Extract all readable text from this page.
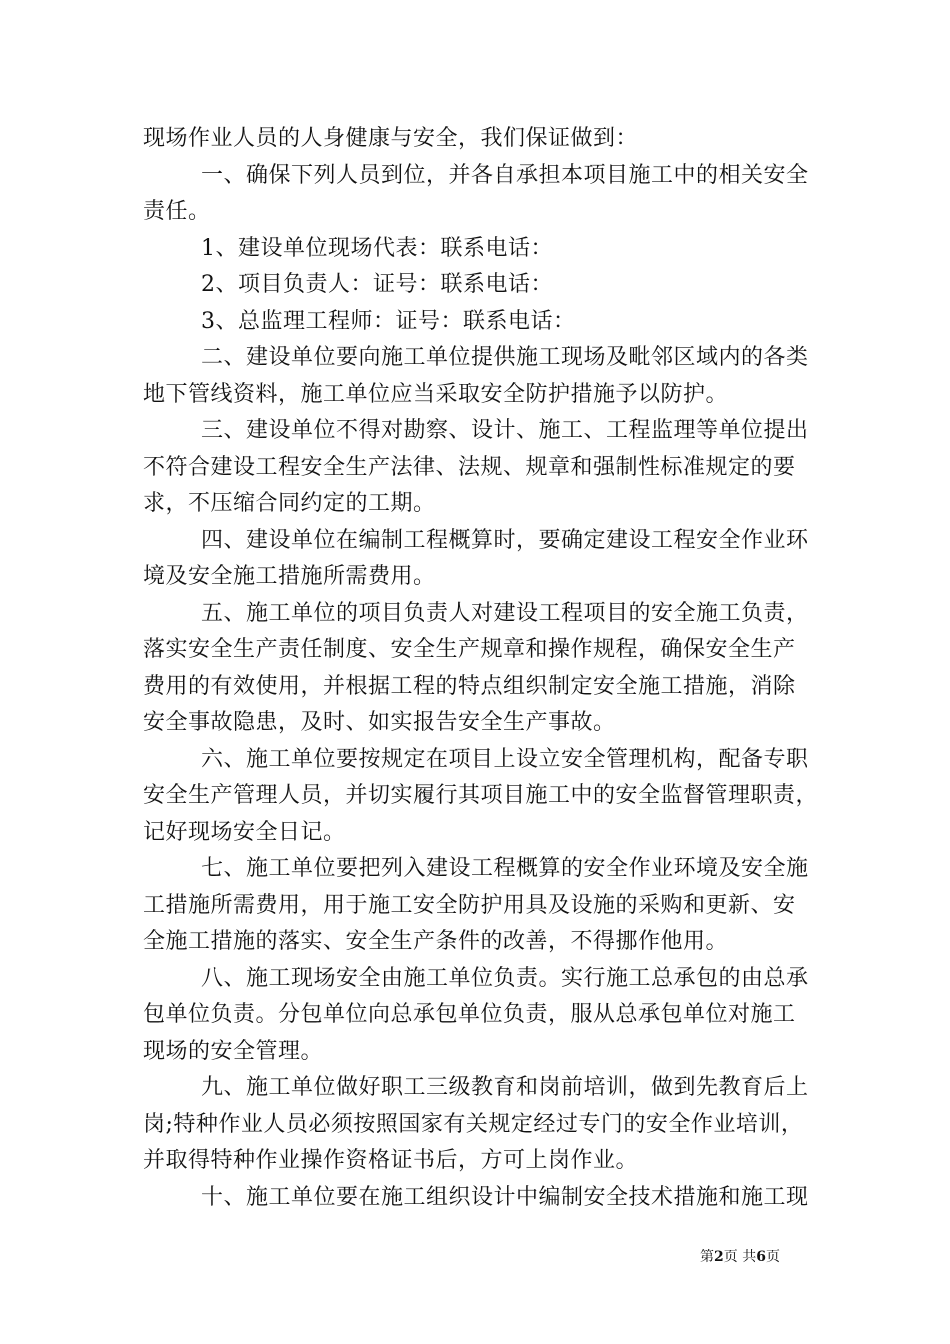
现场作业人员的人身健康与安全，我们保证做到：
一、确保下列人员到位，并各自承担本项目施工中的相关安全
责任。
1、建设单位现场代表：联系电话：
2、项目负责人：证号：联系电话：
3、总监理工程师：证号：联系电话：
二、建设单位要向施工单位提供施工现场及毗邻区域内的各类
地下管线资料，施工单位应当采取安全防护措施予以防护。
三、建设单位不得对勘察、设计、施工、工程监理等单位提出
不符合建设工程安全生产法律、法规、规章和强制性标准规定的要
求，不压缩合同约定的工期。
四、建设单位在编制工程概算时，要确定建设工程安全作业环
境及安全施工措施所需费用。
五、施工单位的项目负责人对建设工程项目的安全施工负责，
落实安全生产责任制度、安全生产规章和操作规程，确保安全生产
费用的有效使用，并根据工程的特点组织制定安全施工措施，消除
安全事故隐患，及时、如实报告安全生产事故。
六、施工单位要按规定在项目上设立安全管理机构，配备专职
安全生产管理人员，并切实履行其项目施工中的安全监督管理职责，
记好现场安全日记。
七、施工单位要把列入建设工程概算的安全作业环境及安全施
工措施所需费用，用于施工安全防护用具及设施的采购和更新、安
全施工措施的落实、安全生产条件的改善，不得挪作他用。
八、施工现场安全由施工单位负责。实行施工总承包的由总承
包单位负责。分包单位向总承包单位负责，服从总承包单位对施工
现场的安全管理。
九、施工单位做好职工三级教育和岗前培训，做到先教育后上
岗;特种作业人员必须按照国家有关规定经过专门的安全作业培训，
并取得特种作业操作资格证书后，方可上岗作业。
十、施工单位要在施工组织设计中编制安全技术措施和施工现
第2页 共6页
